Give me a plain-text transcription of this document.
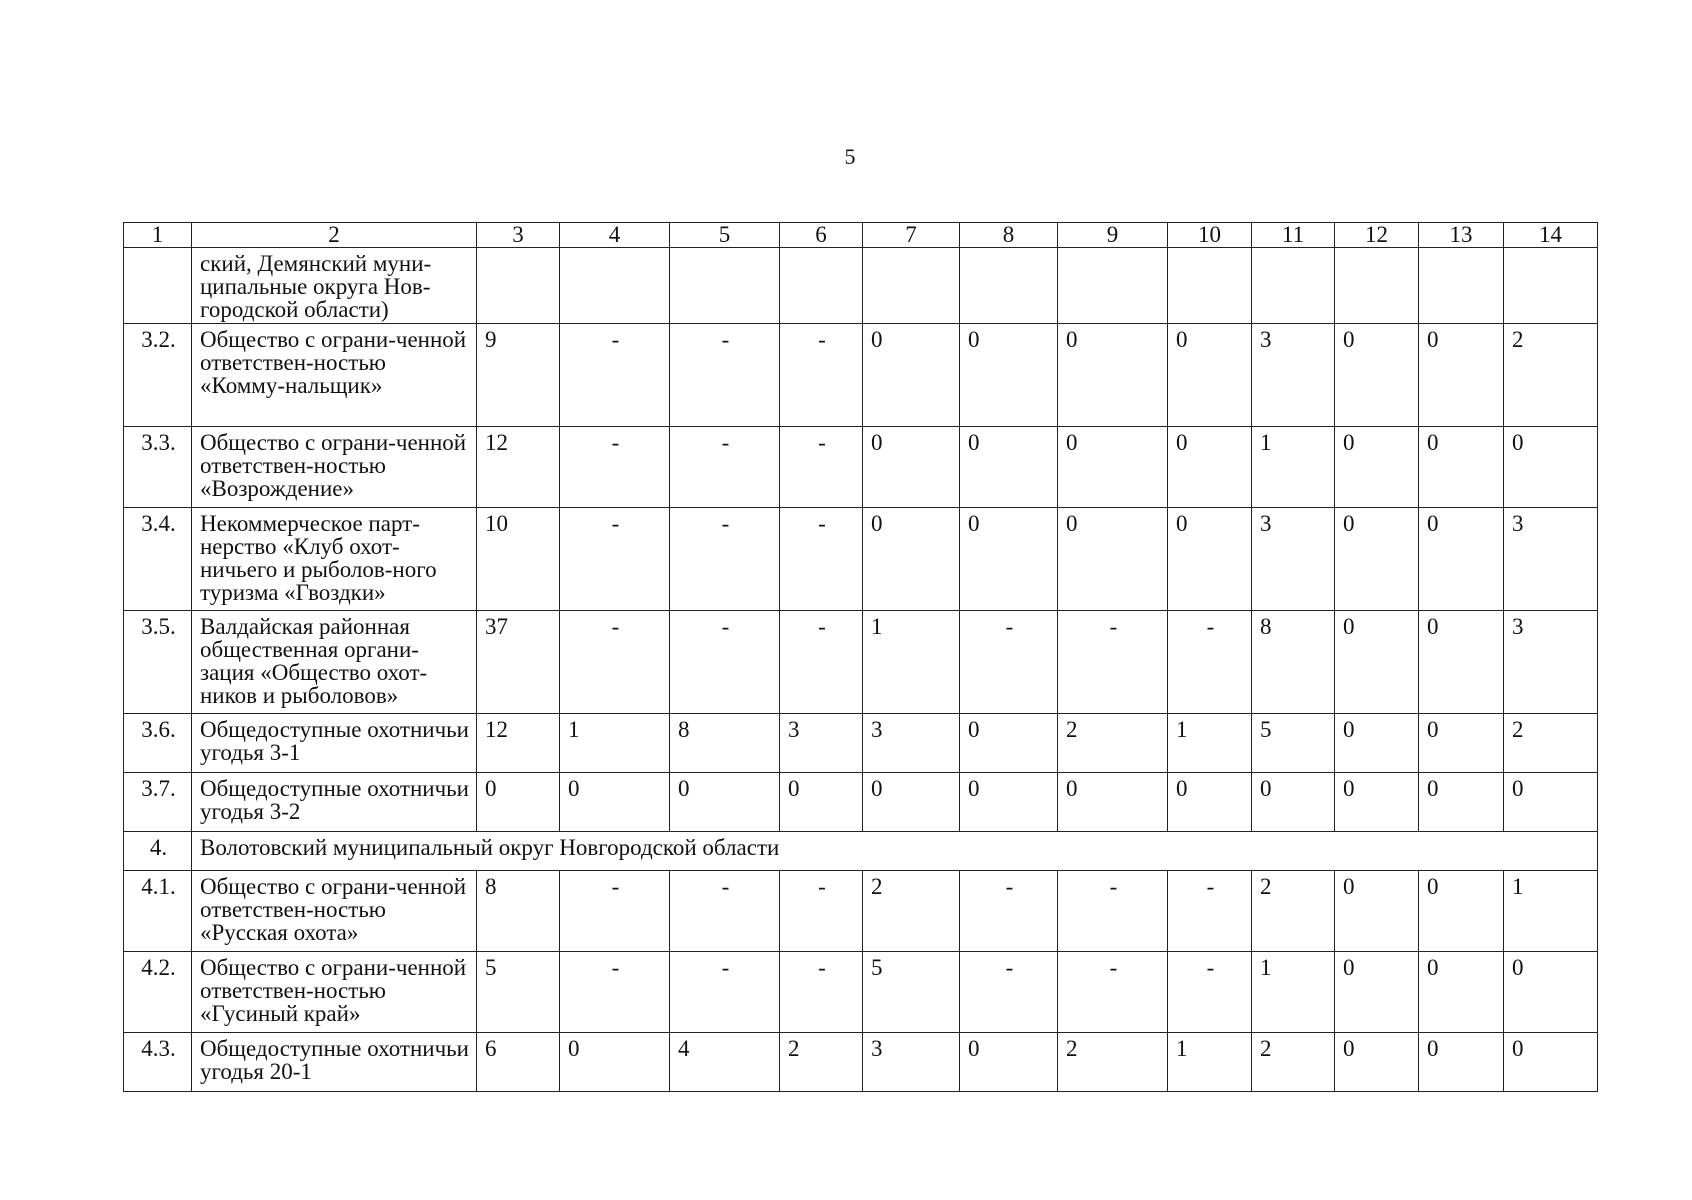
5
1	2	3	4	5	6	7	8	9	10	11	12	13	14
	ский, Демянский муни-ципальные округа Нов-городской области)												
3.2.	Общество с ограни-ченной ответствен-ностью «Комму-нальщик»	9	-	-	-	0	0	0	0	3	0	0	2
3.3.	Общество с ограни-ченной ответствен-ностью «Возрождение»	12	-	-	-	0	0	0	0	1	0	0	0
3.4.	Некоммерческое парт-нерство «Клуб охот-ничьего и рыболов-ного туризма «Гвоздки»	10	-	-	-	0	0	0	0	3	0	0	3
3.5.	Валдайская районная общественная органи-зация «Общество охот-ников и рыболовов»	37	-	-	-	1	-	-	-	8	0	0	3
3.6.	Общедоступные охотничьи угодья 3-1	12	1	8	3	3	0	2	1	5	0	0	2
3.7.	Общедоступные охотничьи угодья 3-2	0	0	0	0	0	0	0	0	0	0	0	0
4.	Волотовский муниципальный округ Новгородской области												
4.1.	Общество с ограни-ченной ответствен-ностью «Русская охота»	8	-	-	-	2	-	-	-	2	0	0	1
4.2.	Общество с ограни-ченной ответствен-ностью «Гусиный край»	5	-	-	-	5	-	-	-	1	0	0	0
4.3.	Общедоступные охотничьи угодья 20-1	6	0	4	2	3	0	2	1	2	0	0	0
